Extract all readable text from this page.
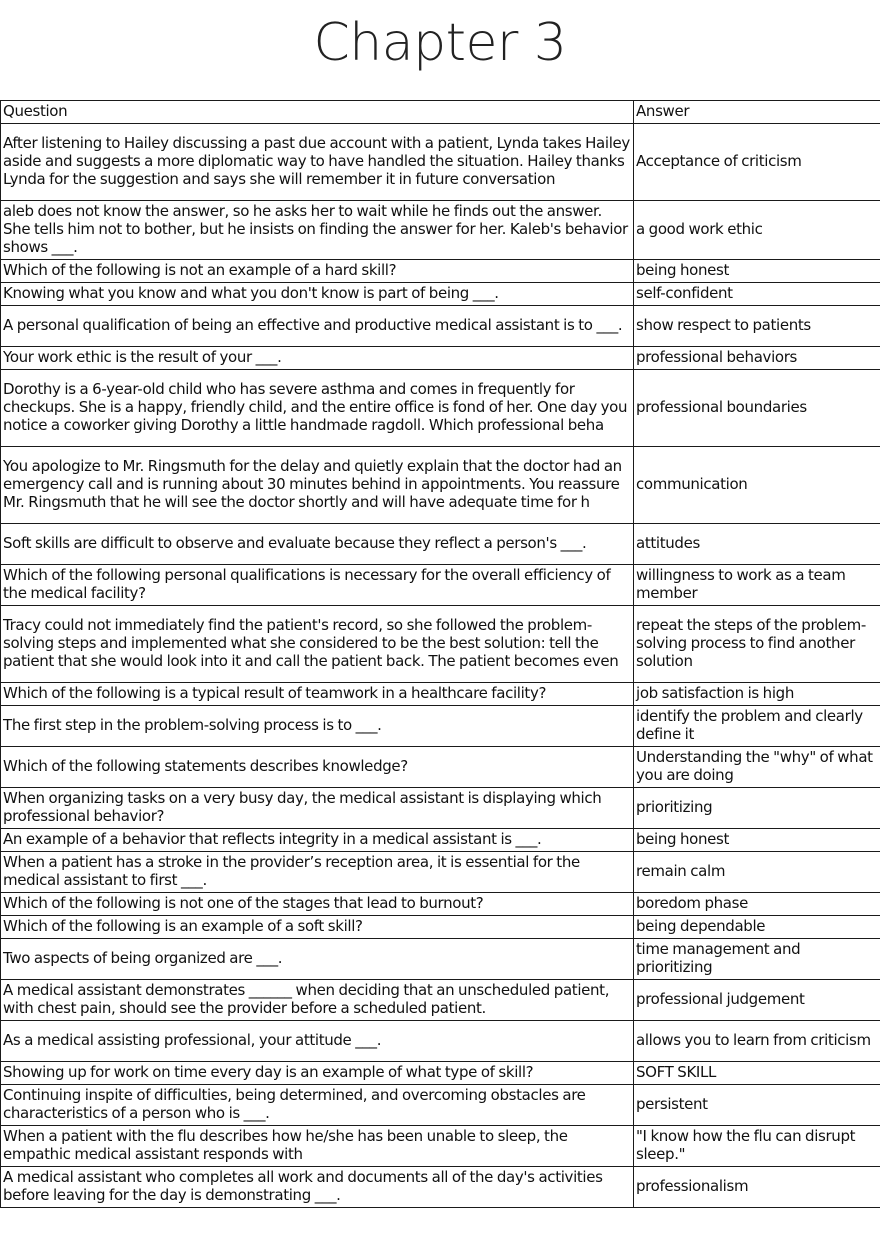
Chapter 3
Question	Answer
After listening to Hailey discussing a past due account with a patient, Lynda takes Hailey aside and suggests a more diplomatic way to have handled the situation. Hailey thanks Lynda for the suggestion and says she will remember it in future conversation	Acceptance of criticism
aleb does not know the answer, so he asks her to wait while he finds out the answer. She tells him not to bother, but he insists on finding the answer for her. Kaleb's behavior shows ___.	a good work ethic
Which of the following is not an example of a hard skill?	being honest
Knowing what you know and what you don't know is part of being ___.	self-confident
A personal qualification of being an effective and productive medical assistant is to ___.	show respect to patients
Your work ethic is the result of your ___.	professional behaviors
Dorothy is a 6-year-old child who has severe asthma and comes in frequently for checkups. She is a happy, friendly child, and the entire office is fond of her. One day you notice a coworker giving Dorothy a little handmade ragdoll. Which professional beha	professional boundaries
You apologize to Mr. Ringsmuth for the delay and quietly explain that the doctor had an emergency call and is running about 30 minutes behind in appointments. You reassure Mr. Ringsmuth that he will see the doctor shortly and will have adequate time for h	communication
Soft skills are difficult to observe and evaluate because they reflect a person's ___.	attitudes
Which of the following personal qualifications is necessary for the overall efficiency of the medical facility?	willingness to work as a team member
Tracy could not immediately find the patient's record, so she followed the problem-solving steps and implemented what she considered to be the best solution: tell the patient that she would look into it and call the patient back. The patient becomes even	repeat the steps of the problem-solving process to find another solution
Which of the following is a typical result of teamwork in a healthcare facility?	job satisfaction is high
The first step in the problem-solving process is to ___.	identify the problem and clearly define it
Which of the following statements describes knowledge?	Understanding the "why" of what you are doing
When organizing tasks on a very busy day, the medical assistant is displaying which professional behavior?	prioritizing
An example of a behavior that reflects integrity in a medical assistant is ___.	being honest
When a patient has a stroke in the provider’s reception area, it is essential for the medical assistant to first ___.	remain calm
Which of the following is not one of the stages that lead to burnout?	boredom phase
Which of the following is an example of a soft skill?	being dependable
Two aspects of being organized are ___.	time management and prioritizing
A medical assistant demonstrates ______ when deciding that an unscheduled patient, with chest pain, should see the provider before a scheduled patient.	professional judgement
As a medical assisting professional, your attitude ___.	allows you to learn from criticism
Showing up for work on time every day is an example of what type of skill?	SOFT SKILL
Continuing inspite of difficulties, being determined, and overcoming obstacles are characteristics of a person who is ___.	persistent
When a patient with the flu describes how he/she has been unable to sleep, the empathic medical assistant responds with	"I know how the flu can disrupt sleep."
A medical assistant who completes all work and documents all of the day's activities before leaving for the day is demonstrating ___.	professionalism
